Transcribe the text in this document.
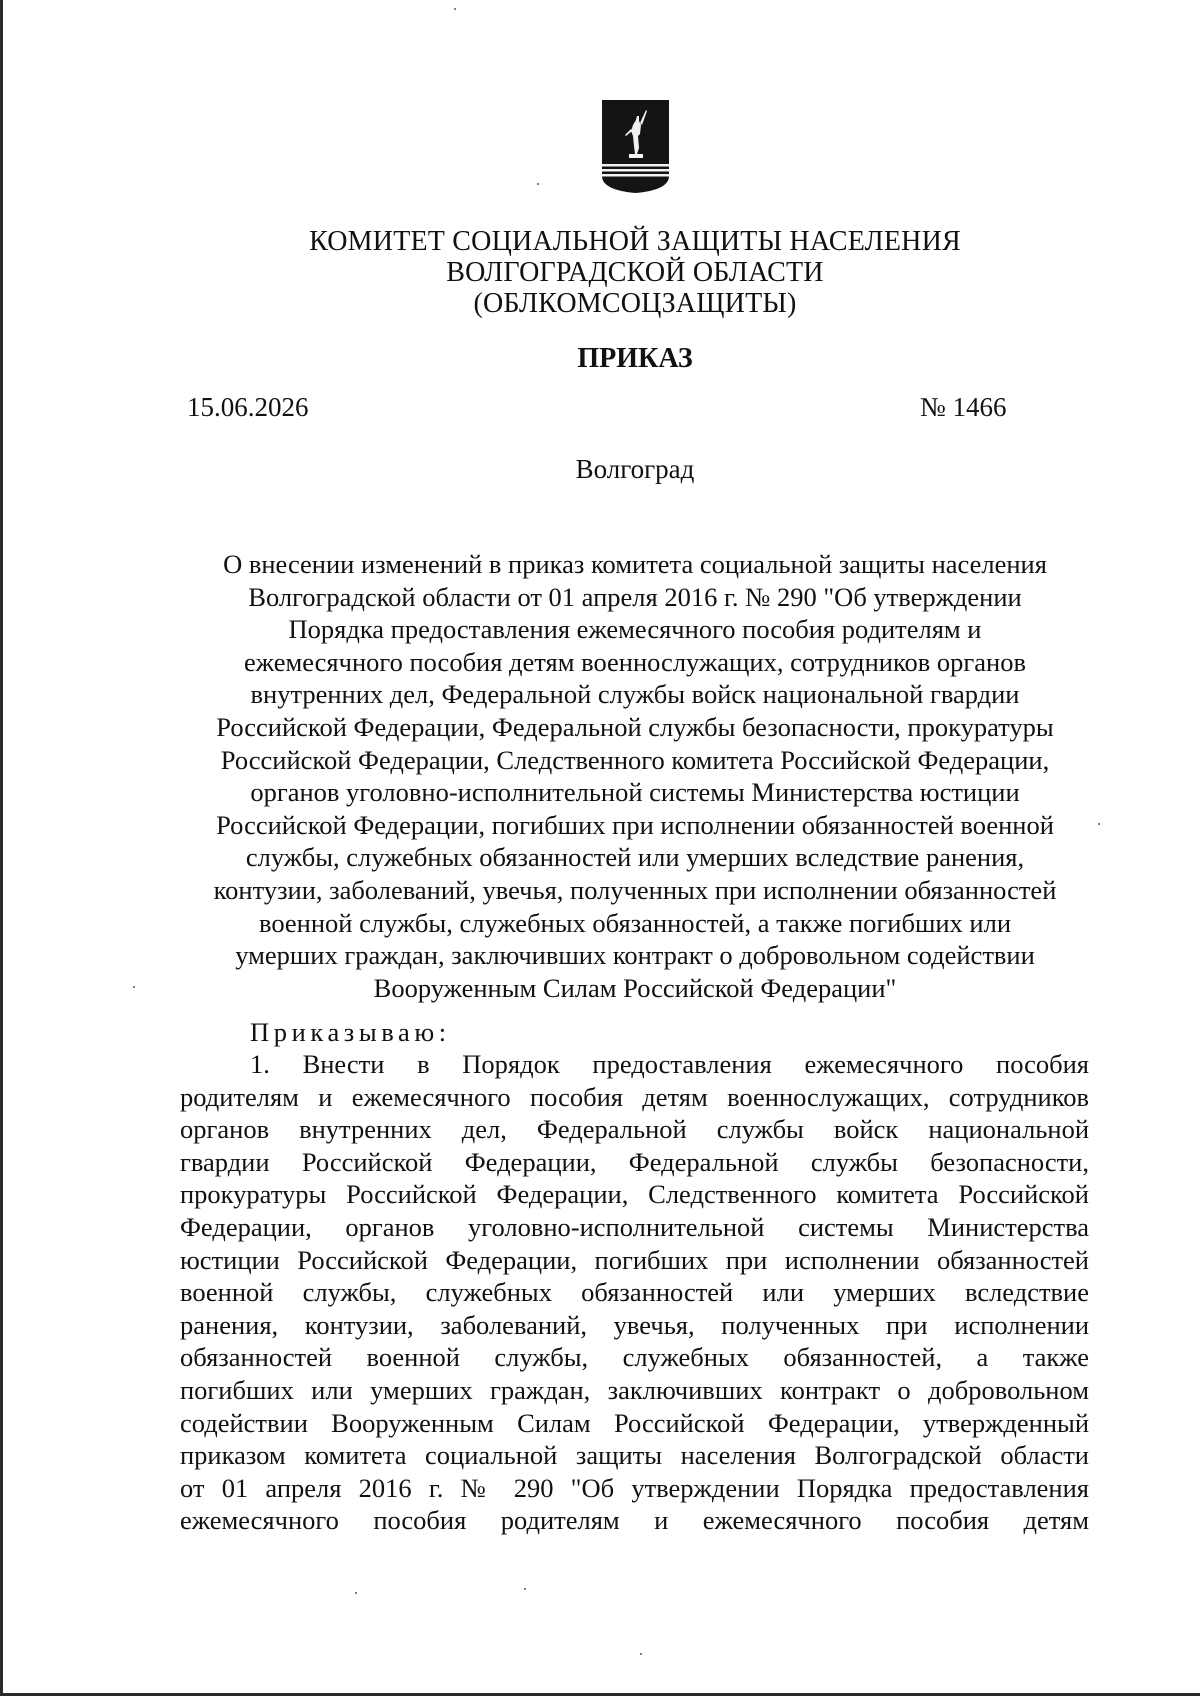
КОМИТЕТ СОЦИАЛЬНОЙ ЗАЩИТЫ НАСЕЛЕНИЯ
ВОЛГОГРАДСКОЙ ОБЛАСТИ
(ОБЛКОМСОЦЗАЩИТЫ)
ПРИКАЗ
15.06.2026	№ 1466
Волгоград
О внесении изменений в приказ комитета социальной защиты населения
Волгоградской области от 01 апреля 2016 г. № 290 "Об утверждении
Порядка предоставления ежемесячного пособия родителям и
ежемесячного пособия детям военнослужащих, сотрудников органов
внутренних дел, Федеральной службы войск национальной гвардии
Российской Федерации, Федеральной службы безопасности, прокуратуры
Российской Федерации, Следственного комитета Российской Федерации,
органов уголовно-исполнительной системы Министерства юстиции
Российской Федерации, погибших при исполнении обязанностей военной
службы, служебных обязанностей или умерших вследствие ранения,
контузии, заболеваний, увечья, полученных при исполнении обязанностей
военной службы, служебных обязанностей, а также погибших или
умерших граждан, заключивших контракт о добровольном содействии
Вооруженным Силам Российской Федерации"
Приказываю:
1. Внести в Порядок предоставления ежемесячного пособия
родителям и ежемесячного пособия детям военнослужащих, сотрудников
органов внутренних дел, Федеральной службы войск национальной
гвардии Российской Федерации, Федеральной службы безопасности,
прокуратуры Российской Федерации, Следственного комитета Российской
Федерации, органов уголовно-исполнительной системы Министерства
юстиции Российской Федерации, погибших при исполнении обязанностей
военной службы, служебных обязанностей или умерших вследствие
ранения, контузии, заболеваний, увечья, полученных при исполнении
обязанностей военной службы, служебных обязанностей, а также
погибших или умерших граждан, заключивших контракт о добровольном
содействии Вооруженным Силам Российской Федерации, утвержденный
приказом комитета социальной защиты населения Волгоградской области
от 01 апреля 2016 г. № 290 "Об утверждении Порядка предоставления
ежемесячного пособия родителям и ежемесячного пособия детям
